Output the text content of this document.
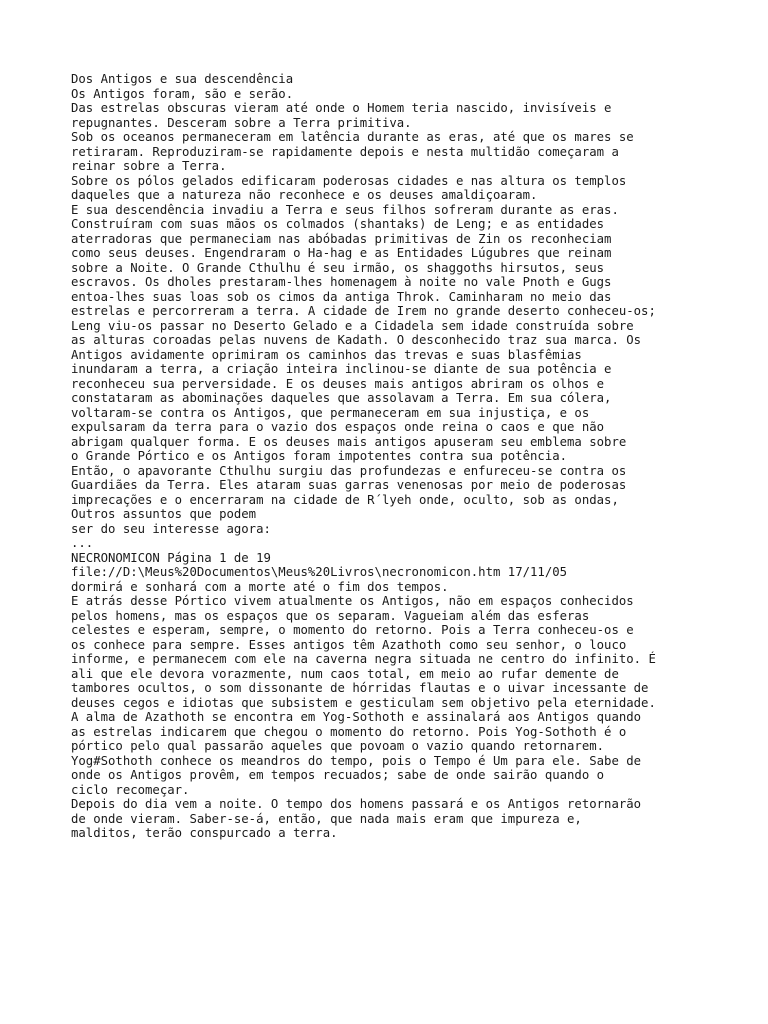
Dos Antigos e sua descendência
Os Antigos foram, são e serão.
Das estrelas obscuras vieram até onde o Homem teria nascido, invisíveis e
repugnantes. Desceram sobre a Terra primitiva.
Sob os oceanos permaneceram em latência durante as eras, até que os mares se
retiraram. Reproduziram-se rapidamente depois e nesta multidão começaram a
reinar sobre a Terra.
Sobre os pólos gelados edificaram poderosas cidades e nas altura os templos
daqueles que a natureza não reconhece e os deuses amaldiçoaram.
E sua descendência invadiu a Terra e seus filhos sofreram durante as eras.
Construíram com suas mãos os colmados (shantaks) de Leng; e as entidades
aterradoras que permaneciam nas abóbadas primitivas de Zin os reconheciam
como seus deuses. Engendraram o Ha-hag e as Entidades Lúgubres que reinam
sobre a Noite. O Grande Cthulhu é seu irmão, os shaggoths hirsutos, seus
escravos. Os dholes prestaram-lhes homenagem à noite no vale Pnoth e Gugs
entoa-lhes suas loas sob os cimos da antiga Throk. Caminharam no meio das
estrelas e percorreram a terra. A cidade de Irem no grande deserto conheceu-os;
Leng viu-os passar no Deserto Gelado e a Cidadela sem idade construída sobre
as alturas coroadas pelas nuvens de Kadath. O desconhecido traz sua marca. Os
Antigos avidamente oprimiram os caminhos das trevas e suas blasfêmias
inundaram a terra, a criação inteira inclinou-se diante de sua potência e
reconheceu sua perversidade. E os deuses mais antigos abriram os olhos e
constataram as abominações daqueles que assolavam a Terra. Em sua cólera,
voltaram-se contra os Antigos, que permaneceram em sua injustiça, e os
expulsaram da terra para o vazio dos espaços onde reina o caos e que não
abrigam qualquer forma. E os deuses mais antigos apuseram seu emblema sobre
o Grande Pórtico e os Antigos foram impotentes contra sua potência.
Então, o apavorante Cthulhu surgiu das profundezas e enfureceu-se contra os
Guardiães da Terra. Eles ataram suas garras venenosas por meio de poderosas
imprecações e o encerraram na cidade de R´lyeh onde, oculto, sob as ondas,
Outros assuntos que podem
ser do seu interesse agora:
...
NECRONOMICON Página 1 de 19
file://D:\Meus%20Documentos\Meus%20Livros\necronomicon.htm 17/11/05
dormirá e sonhará com a morte até o fim dos tempos.
E atrás desse Pórtico vivem atualmente os Antigos, não em espaços conhecidos
pelos homens, mas os espaços que os separam. Vagueiam além das esferas
celestes e esperam, sempre, o momento do retorno. Pois a Terra conheceu-os e
os conhece para sempre. Esses antigos têm Azathoth como seu senhor, o louco
informe, e permanecem com ele na caverna negra situada ne centro do infinito. É
ali que ele devora vorazmente, num caos total, em meio ao rufar demente de
tambores ocultos, o som dissonante de hórridas flautas e o uivar incessante de
deuses cegos e idiotas que subsistem e gesticulam sem objetivo pela eternidade.
A alma de Azathoth se encontra em Yog-Sothoth e assinalará aos Antigos quando
as estrelas indicarem que chegou o momento do retorno. Pois Yog-Sothoth é o
pórtico pelo qual passarão aqueles que povoam o vazio quando retornarem.
Yog#Sothoth conhece os meandros do tempo, pois o Tempo é Um para ele. Sabe de
onde os Antigos provêm, em tempos recuados; sabe de onde sairão quando o
ciclo recomeçar.
Depois do dia vem a noite. O tempo dos homens passará e os Antigos retornarão
de onde vieram. Saber-se-á, então, que nada mais eram que impureza e,
malditos, terão conspurcado a terra.
